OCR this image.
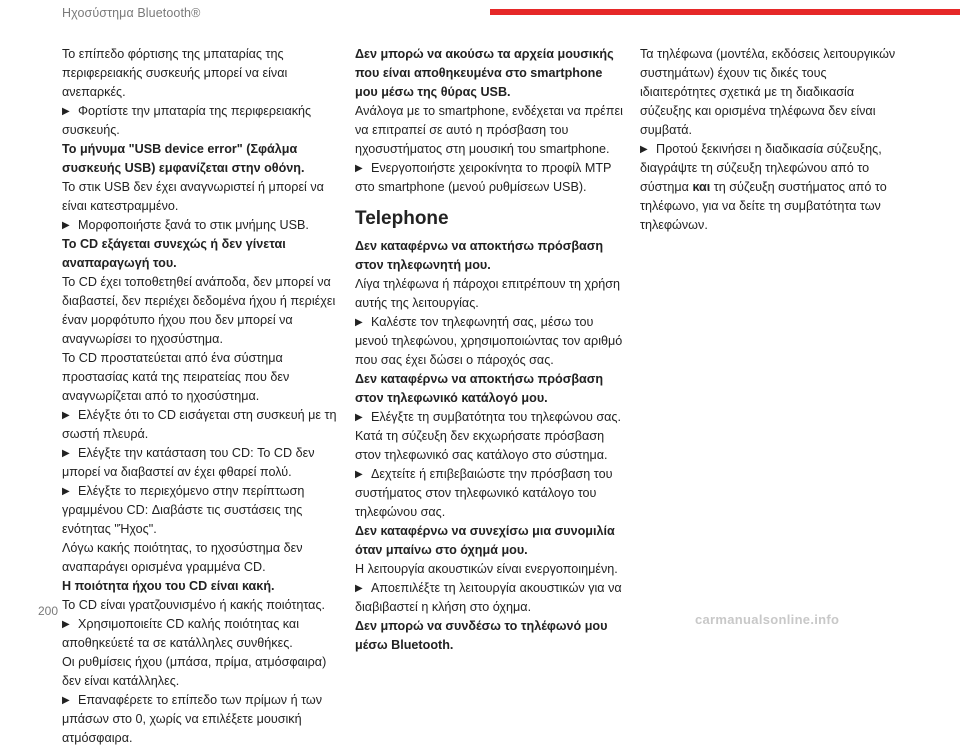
Ηχοσύστημα Bluetooth®

Το επίπεδο φόρτισης της μπαταρίας της περιφερειακής συσκευής μπορεί να είναι ανεπαρκές.

▶ Φορτίστε την μπαταρία της περιφερειακής συσκευής.

Το μήνυμα "USB device error" (Σφάλμα συσκευής USB) εμφανίζεται στην οθόνη.

Το στικ USB δεν έχει αναγνωριστεί ή μπορεί να είναι κατεστραμμένο.

▶ Μορφοποιήστε ξανά το στικ μνήμης USB.

Το CD εξάγεται συνεχώς ή δεν γίνεται αναπαραγωγή του.

Το CD έχει τοποθετηθεί ανάποδα, δεν μπορεί να διαβαστεί, δεν περιέχει δεδομένα ήχου ή περιέχει έναν μορφότυπο ήχου που δεν μπορεί να αναγνωρίσει το ηχοσύστημα.

Το CD προστατεύεται από ένα σύστημα προστασίας κατά της πειρατείας που δεν αναγνωρίζεται από το ηχοσύστημα.

▶ Ελέγξτε ότι το CD εισάγεται στη συσκευή με τη σωστή πλευρά.

▶ Ελέγξτε την κατάσταση του CD: Το CD δεν μπορεί να διαβαστεί αν έχει φθαρεί πολύ.

▶ Ελέγξτε το περιεχόμενο στην περίπτωση γραμμένου CD: Διαβάστε τις συστάσεις της ενότητας "Ήχος".

Λόγω κακής ποιότητας, το ηχοσύστημα δεν αναπαράγει ορισμένα γραμμένα CD.

Η ποιότητα ήχου του CD είναι κακή.

Το CD είναι γρατζουνισμένο ή κακής ποιότητας.

▶ Χρησιμοποιείτε CD καλής ποιότητας και αποθηκεύετέ τα σε κατάλληλες συνθήκες.

Οι ρυθμίσεις ήχου (μπάσα, πρίμα, ατμόσφαιρα) δεν είναι κατάλληλες.

▶ Επαναφέρετε το επίπεδο των πρίμων ή των μπάσων στο 0, χωρίς να επιλέξετε μουσική ατμόσφαιρα.

Δεν μπορώ να ακούσω τα αρχεία μουσικής που είναι αποθηκευμένα στο smartphone μου μέσω της θύρας USB.

Ανάλογα με το smartphone, ενδέχεται να πρέπει να επιτραπεί σε αυτό η πρόσβαση του ηχοσυστήματος στη μουσική του smartphone.

▶ Ενεργοποιήστε χειροκίνητα το προφίλ MTP στο smartphone (μενού ρυθμίσεων USB).

Telephone

Δεν καταφέρνω να αποκτήσω πρόσβαση στον τηλεφωνητή μου.

Λίγα τηλέφωνα ή πάροχοι επιτρέπουν τη χρήση αυτής της λειτουργίας.

▶ Καλέστε τον τηλεφωνητή σας, μέσω του μενού τηλεφώνου, χρησιμοποιώντας τον αριθμό που σας έχει δώσει ο πάροχός σας.

Δεν καταφέρνω να αποκτήσω πρόσβαση στον τηλεφωνικό κατάλογό μου.

▶ Ελέγξτε τη συμβατότητα του τηλεφώνου σας.

Κατά τη σύζευξη δεν εκχωρήσατε πρόσβαση στον τηλεφωνικό σας κατάλογο στο σύστημα.

▶ Δεχτείτε ή επιβεβαιώστε την πρόσβαση του συστήματος στον τηλεφωνικό κατάλογο του τηλεφώνου σας.

Δεν καταφέρνω να συνεχίσω μια συνομιλία όταν μπαίνω στο όχημά μου.

Η λειτουργία ακουστικών είναι ενεργοποιημένη.

▶ Αποεπιλέξτε τη λειτουργία ακουστικών για να διαβιβαστεί η κλήση στο όχημα.

Δεν μπορώ να συνδέσω το τηλέφωνό μου μέσω Bluetooth.

Τα τηλέφωνα (μοντέλα, εκδόσεις λειτουργικών συστημάτων) έχουν τις δικές τους ιδιαιτερότητες σχετικά με τη διαδικασία σύζευξης και ορισμένα τηλέφωνα δεν είναι συμβατά.

▶ Προτού ξεκινήσει η διαδικασία σύζευξης, διαγράψτε τη σύζευξη τηλεφώνου από το σύστημα και τη σύζευξη συστήματος από το τηλέφωνο, για να δείτε τη συμβατότητα των τηλεφώνων.

200
carmanualsonline.info
